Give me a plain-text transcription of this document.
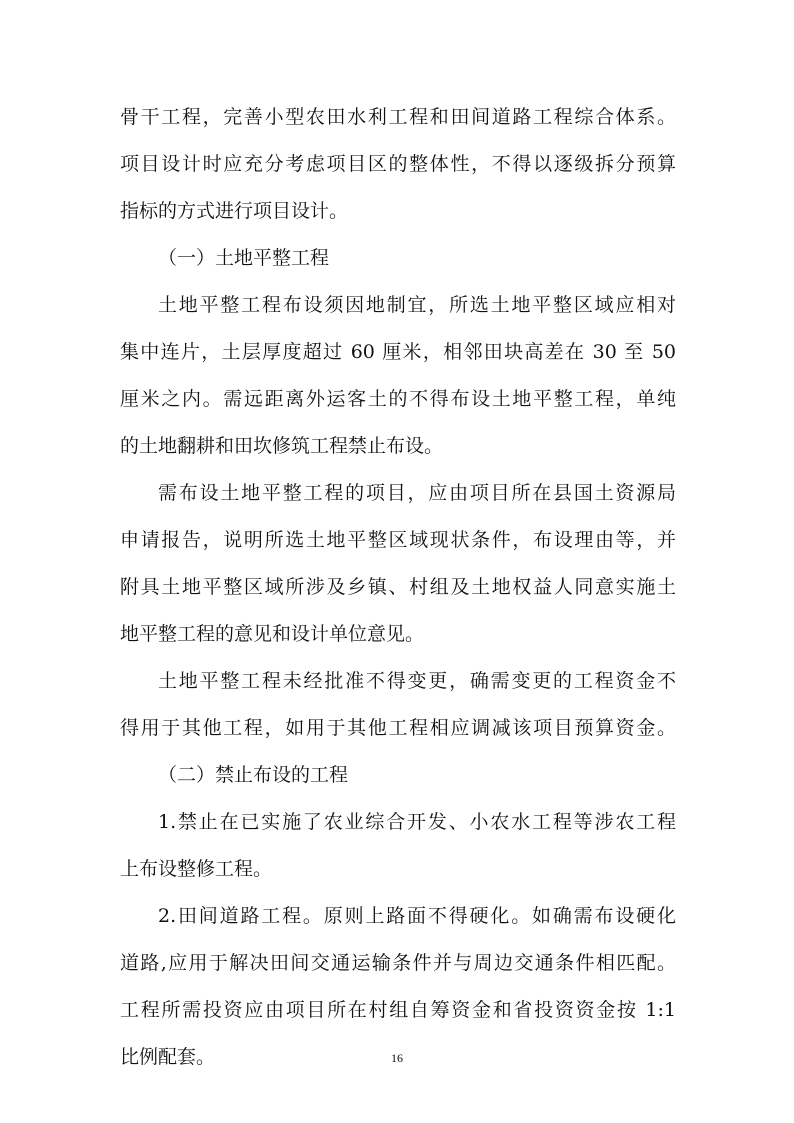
骨干工程，完善小型农田水利工程和田间道路工程综合体系。
项目设计时应充分考虑项目区的整体性，不得以逐级拆分预算
指标的方式进行项目设计。
（一）土地平整工程
土地平整工程布设须因地制宜，所选土地平整区域应相对
集中连片，土层厚度超过 60 厘米，相邻田块高差在 30 至 50
厘米之内。需远距离外运客土的不得布设土地平整工程，单纯
的土地翻耕和田坎修筑工程禁止布设。
需布设土地平整工程的项目，应由项目所在县国土资源局
申请报告，说明所选土地平整区域现状条件，布设理由等，并
附具土地平整区域所涉及乡镇、村组及土地权益人同意实施土
地平整工程的意见和设计单位意见。
土地平整工程未经批准不得变更，确需变更的工程资金不
得用于其他工程，如用于其他工程相应调减该项目预算资金。
（二）禁止布设的工程
1.禁止在已实施了农业综合开发、小农水工程等涉农工程
上布设整修工程。
2.田间道路工程。原则上路面不得硬化。如确需布设硬化
道路,应用于解决田间交通运输条件并与周边交通条件相匹配。
工程所需投资应由项目所在村组自筹资金和省投资资金按 1:1
比例配套。	16
